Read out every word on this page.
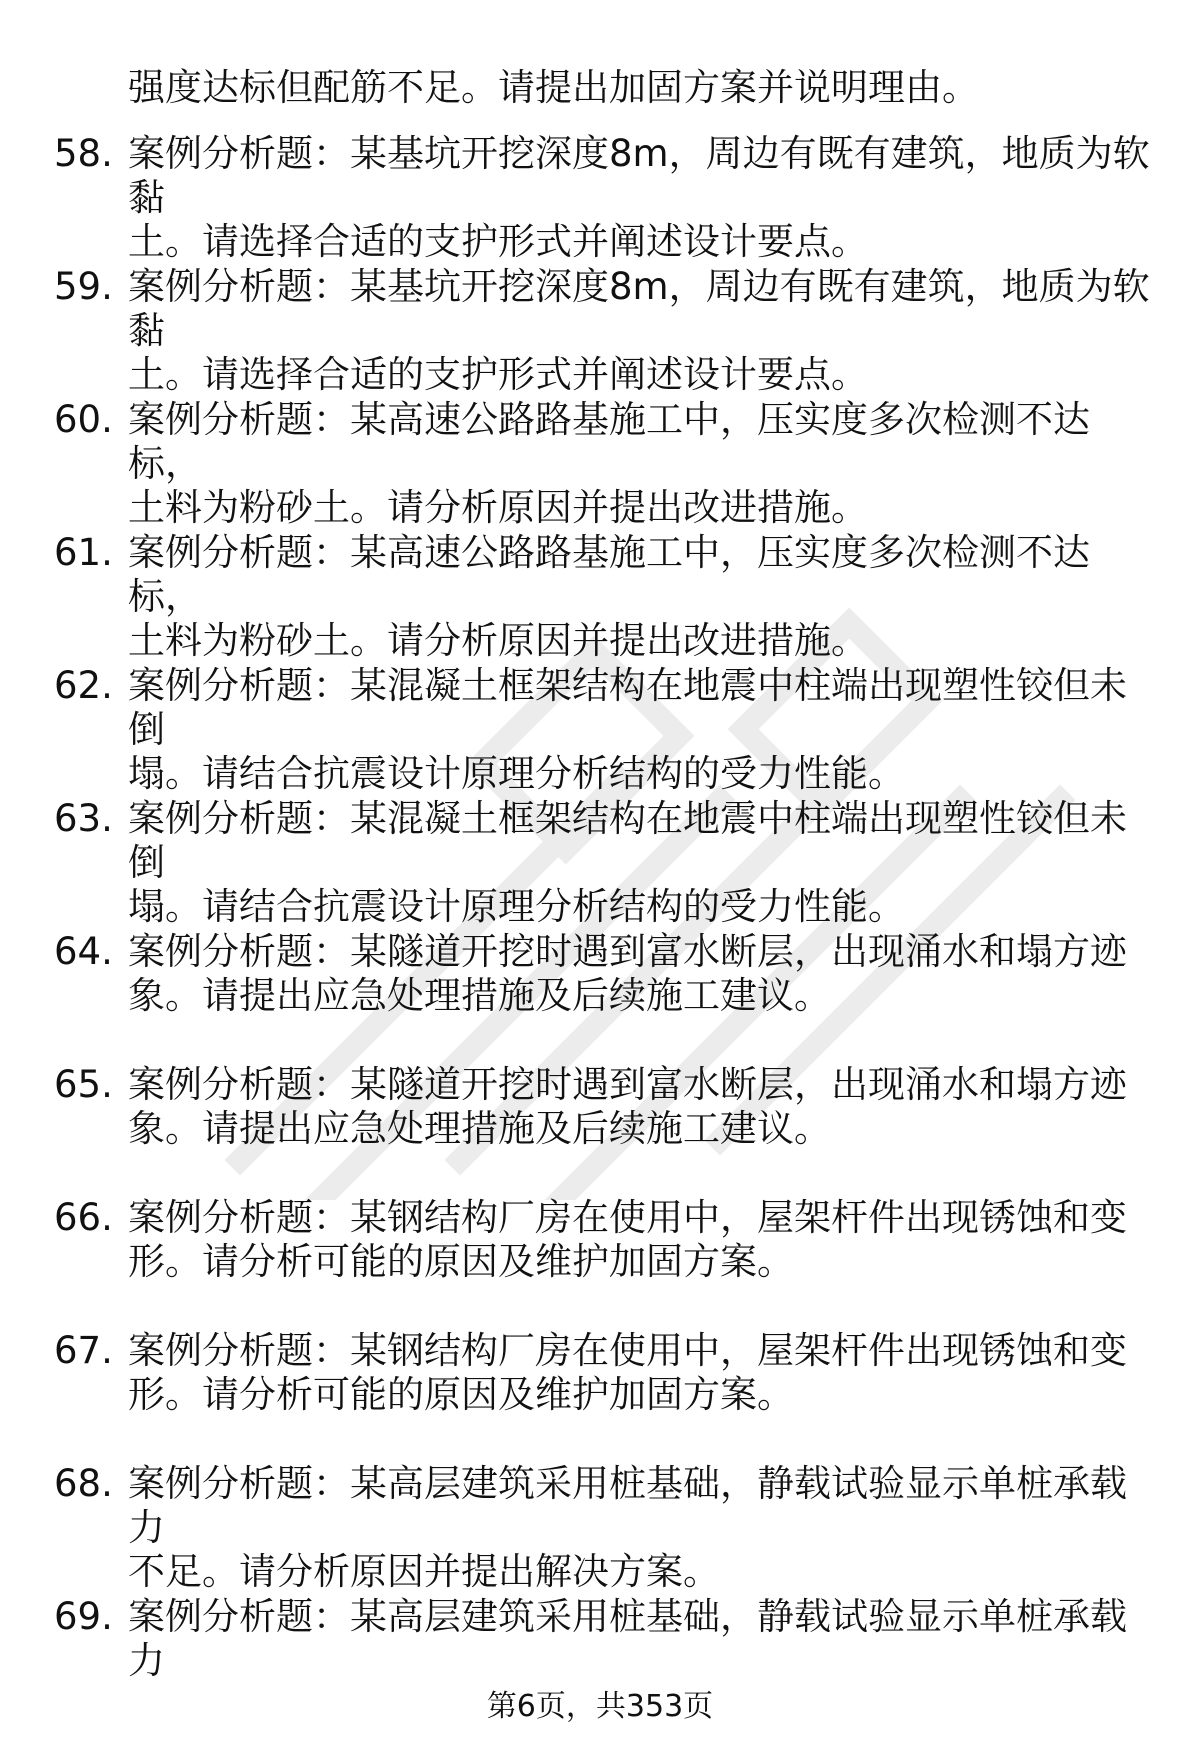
强度达标但配筋不足。请提出加固方案并说明理由。
58. 案例分析题：某基坑开挖深度8m，周边有既有建筑，地质为软黏
土。请选择合适的支护形式并阐述设计要点。
59. 案例分析题：某基坑开挖深度8m，周边有既有建筑，地质为软黏
土。请选择合适的支护形式并阐述设计要点。
60. 案例分析题：某高速公路路基施工中，压实度多次检测不达标，
土料为粉砂土。请分析原因并提出改进措施。
61. 案例分析题：某高速公路路基施工中，压实度多次检测不达标，
土料为粉砂土。请分析原因并提出改进措施。
62. 案例分析题：某混凝土框架结构在地震中柱端出现塑性铰但未倒
塌。请结合抗震设计原理分析结构的受力性能。
63. 案例分析题：某混凝土框架结构在地震中柱端出现塑性铰但未倒
塌。请结合抗震设计原理分析结构的受力性能。
64. 案例分析题：某隧道开挖时遇到富水断层，出现涌水和塌方迹
象。请提出应急处理措施及后续施工建议。
65. 案例分析题：某隧道开挖时遇到富水断层，出现涌水和塌方迹
象。请提出应急处理措施及后续施工建议。
66. 案例分析题：某钢结构厂房在使用中，屋架杆件出现锈蚀和变
形。请分析可能的原因及维护加固方案。
67. 案例分析题：某钢结构厂房在使用中，屋架杆件出现锈蚀和变
形。请分析可能的原因及维护加固方案。
68. 案例分析题：某高层建筑采用桩基础，静载试验显示单桩承载力
不足。请分析原因并提出解决方案。
69. 案例分析题：某高层建筑采用桩基础，静载试验显示单桩承载力
第6页，共353页
